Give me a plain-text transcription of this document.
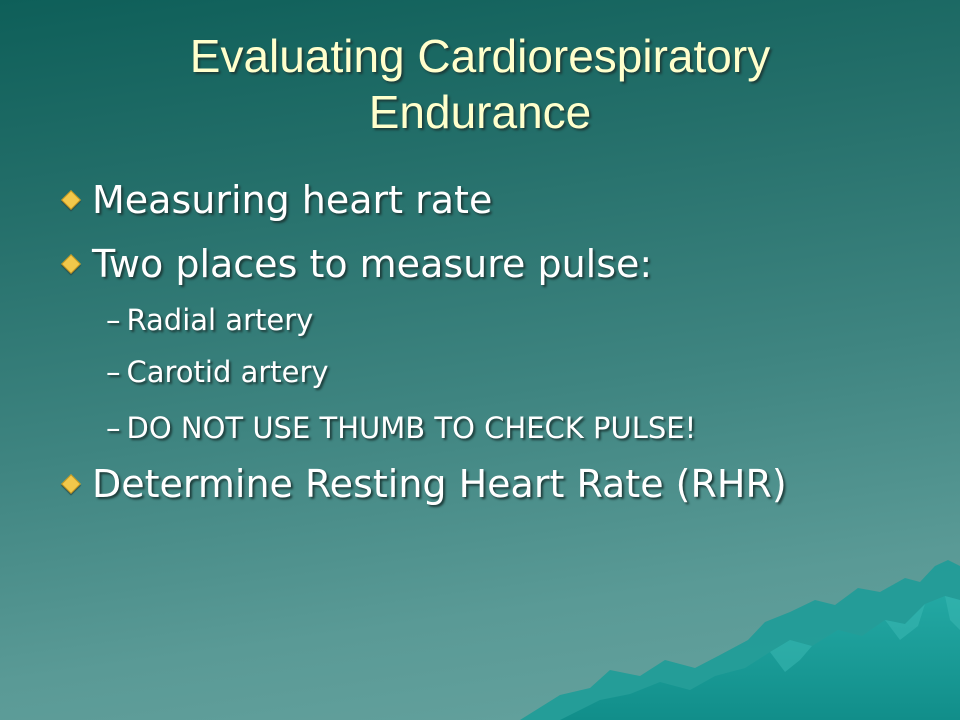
Evaluating Cardiorespiratory
Endurance
Measuring heart rate
Two places to measure pulse:
– Radial artery
– Carotid artery
– DO NOT USE THUMB TO CHECK PULSE!
Determine Resting Heart Rate (RHR)
